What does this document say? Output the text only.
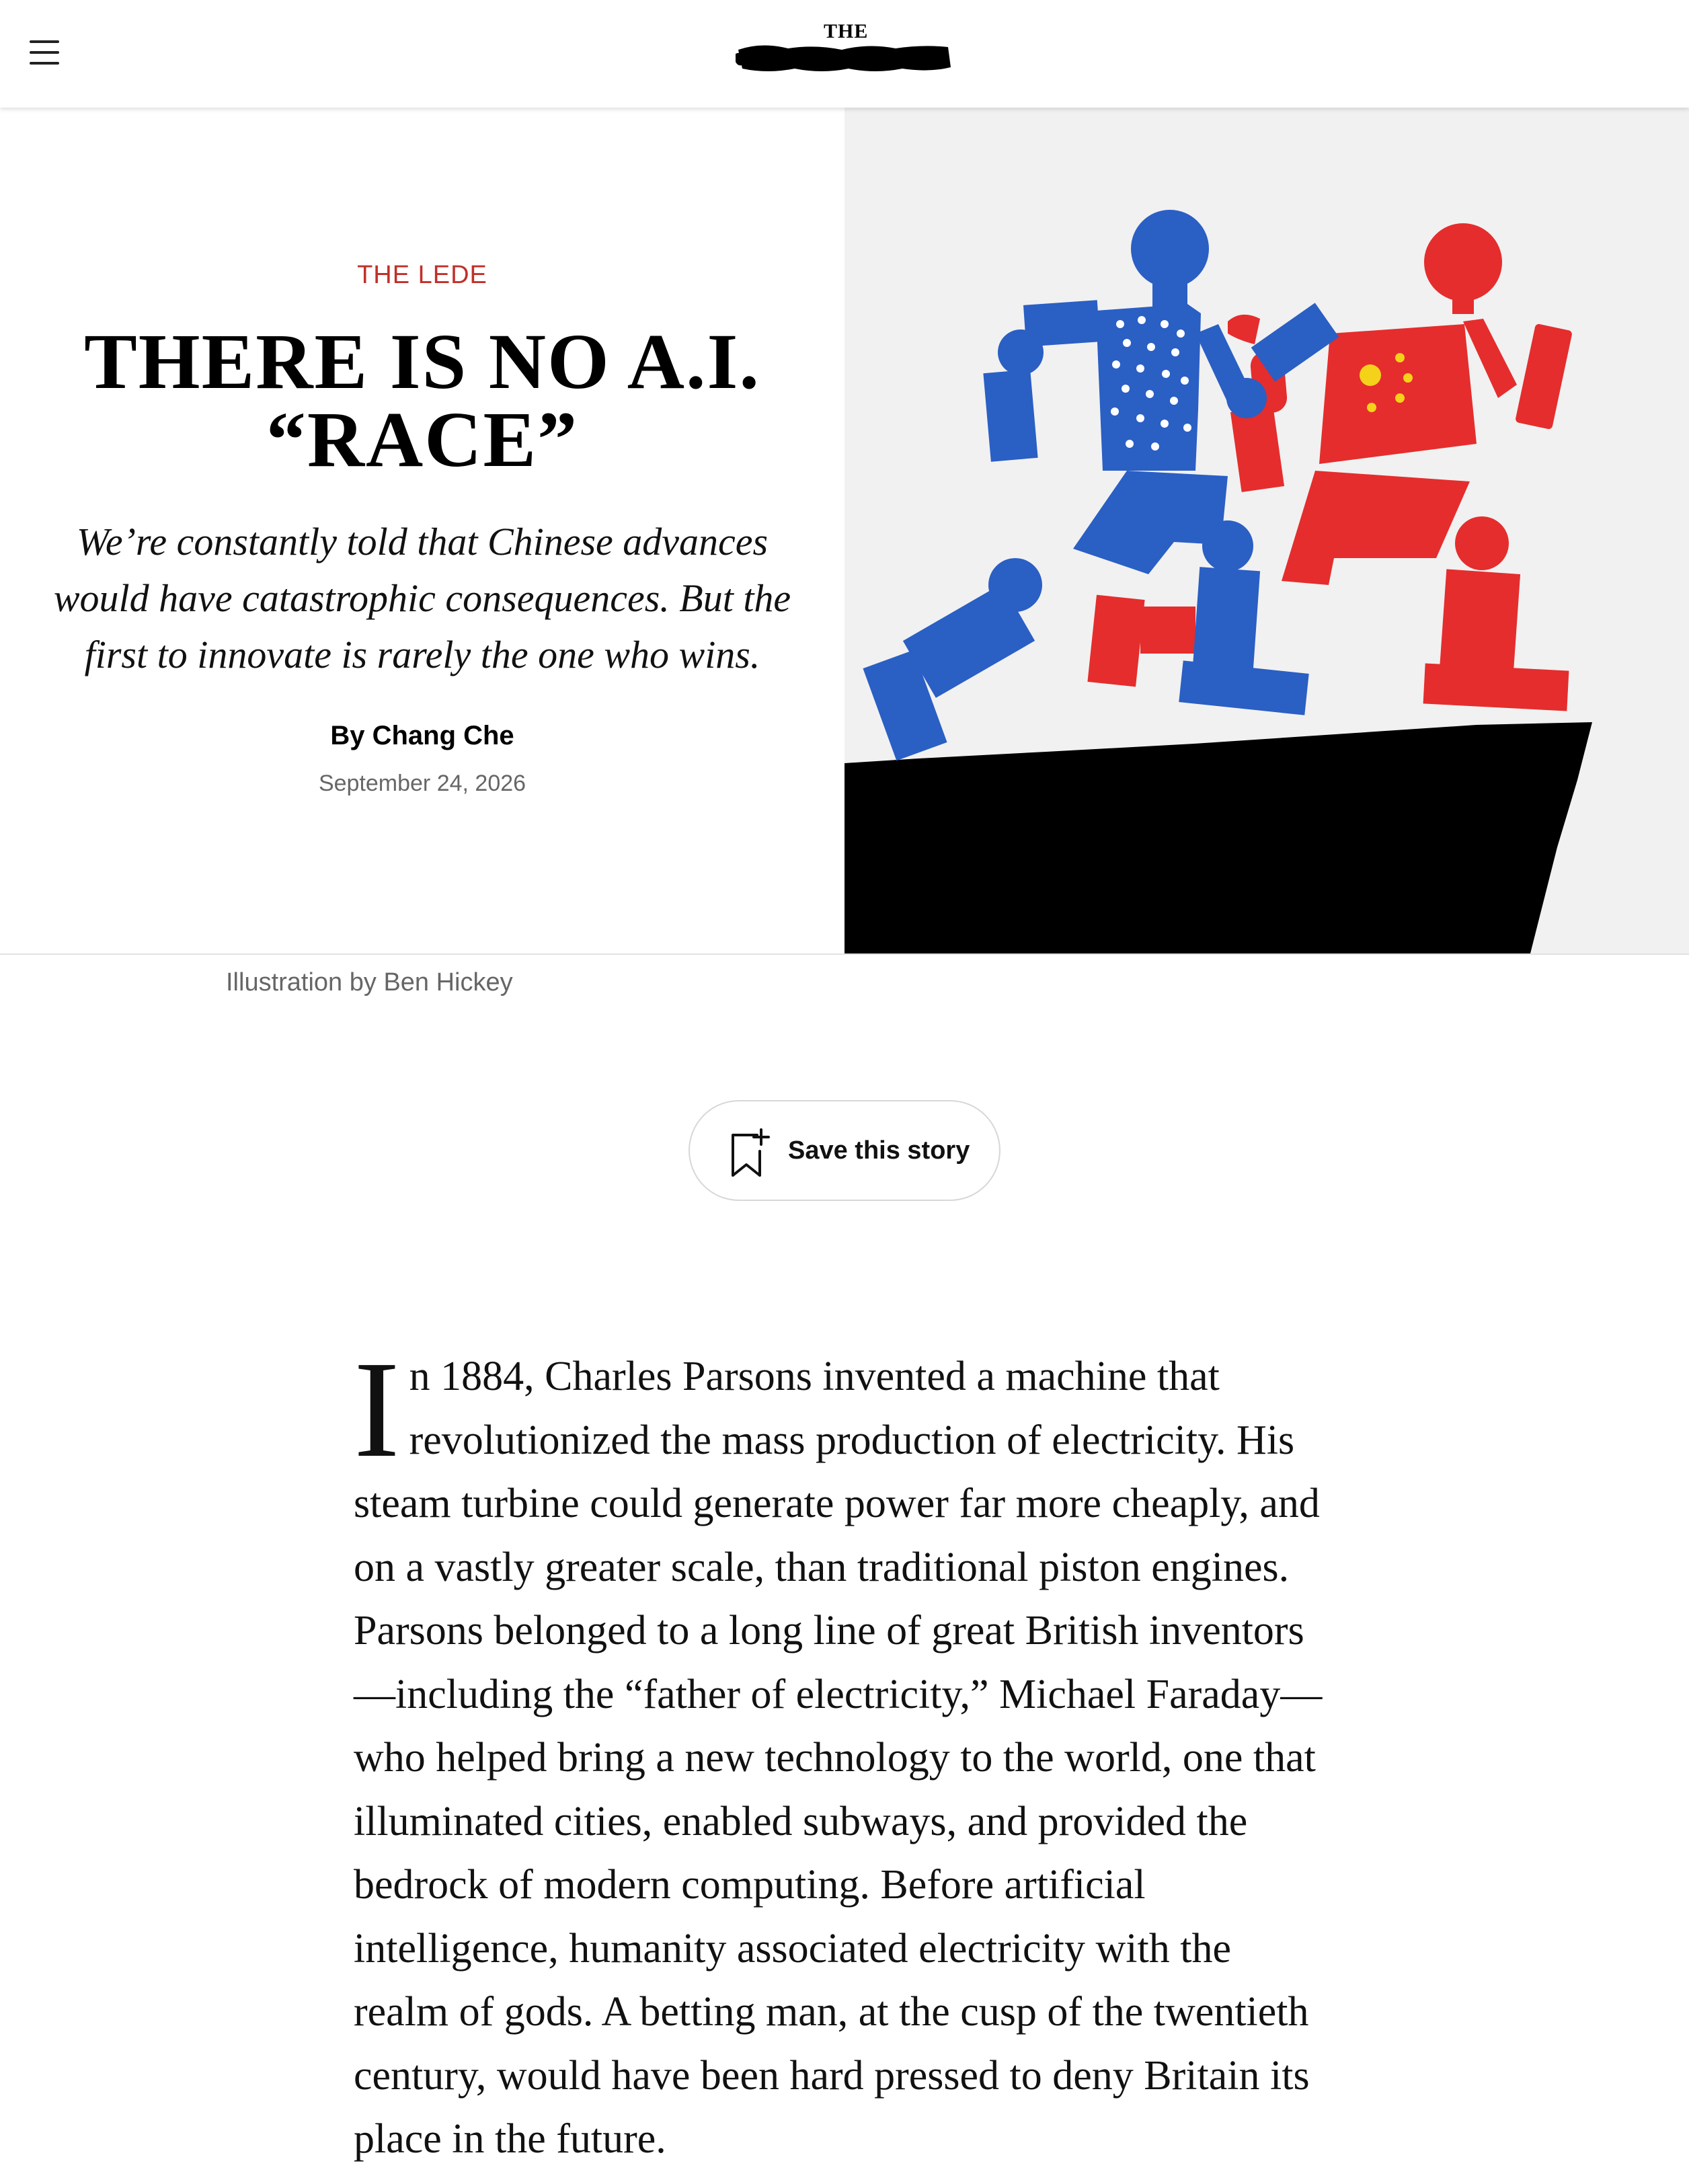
THE
THE LEDE
THERE IS NO A.I.
“RACE”

We’re constantly told that Chinese advances would have catastrophic consequences. But the first to innovate is rarely the one who wins.

By Chang Che
September 24, 2026
Illustration by Ben Hickey
Save this story

In 1884, Charles Parsons invented a machine that revolutionized the mass production of electricity. His steam turbine could generate power far more cheaply, and on a vastly greater scale, than traditional piston engines. Parsons belonged to a long line of great British inventors —including the “father of electricity,” Michael Faraday— who helped bring a new technology to the world, one that illuminated cities, enabled subways, and provided the bedrock of modern computing. Before artificial intelligence, humanity associated electricity with the realm of gods. A betting man, at the cusp of the twentieth century, would have been hard pressed to deny Britain its place in the future.
